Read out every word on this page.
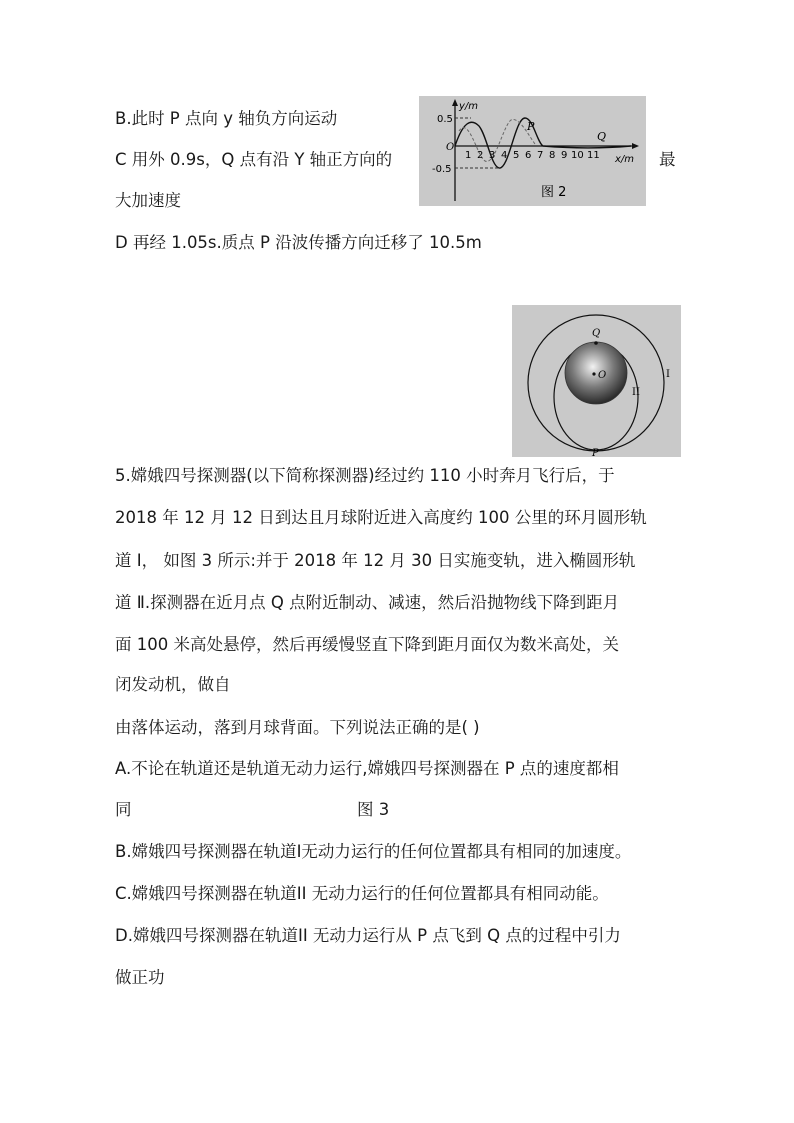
B.此时 P 点向 y 轴负方向运动
C 用外 0.9s，Q 点有沿 Y 轴正方向的	最
大加速度
D 再经 1.05s.质点 P 沿波传播方向迁移了 10.5m
y/m
0.5
-0.5
O
1 2 3 4 5 6 7 8 9 10 11 x/m
P
Q
图 2
Q
O
P
I
II
5.嫦娥四号探测器(以下简称探测器)经过约 110 小时奔月飞行后，于
2018 年 12 月 12 日到达且月球附近进入高度约 100 公里的环月圆形轨
道 Ⅰ， 如图 3 所示:并于 2018 年 12 月 30 日实施变轨，进入椭圆形轨
道 Ⅱ.探测器在近月点 Q 点附近制动、减速，然后沿抛物线下降到距月
面 100 米高处悬停，然后再缓慢竖直下降到距月面仅为数米高处，关
闭发动机，做自
由落体运动，落到月球背面。下列说法正确的是( )
A.不论在轨道还是轨道无动力运行,嫦娥四号探测器在 P 点的速度都相
同	图 3
B.嫦娥四号探测器在轨道I无动力运行的任何位置都具有相同的加速度。
C.嫦娥四号探测器在轨道II 无动力运行的任何位置都具有相同动能。
D.嫦娥四号探测器在轨道II 无动力运行从 P 点飞到 Q 点的过程中引力
做正功
